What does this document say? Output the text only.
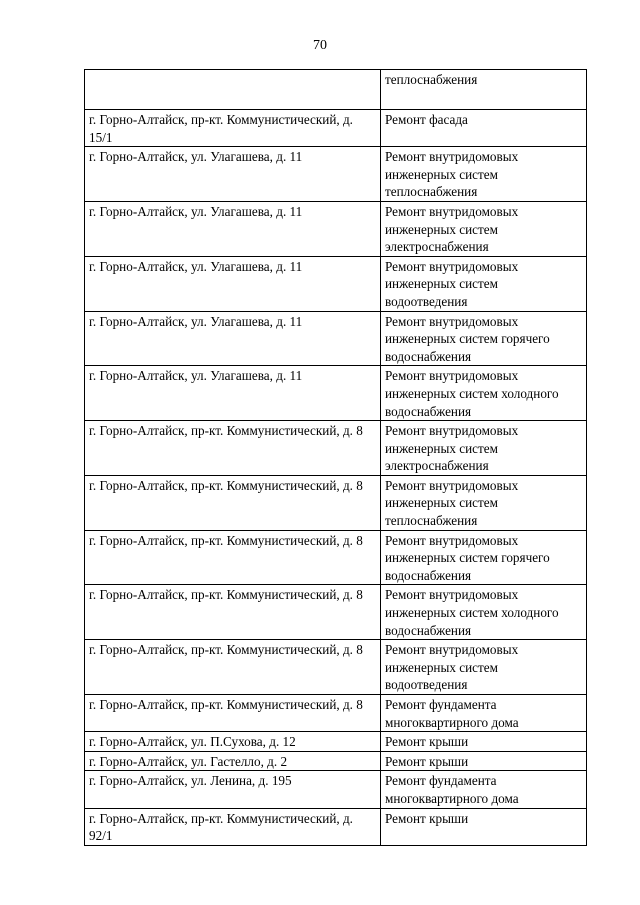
70
	теплоснабжения
г. Горно-Алтайск, пр-кт. Коммунистический, д. 15/1	Ремонт фасада
г. Горно-Алтайск, ул. Улагашева, д. 11	Ремонт внутридомовых инженерных систем теплоснабжения
г. Горно-Алтайск, ул. Улагашева, д. 11	Ремонт внутридомовых инженерных систем электроснабжения
г. Горно-Алтайск, ул. Улагашева, д. 11	Ремонт внутридомовых инженерных систем водоотведения
г. Горно-Алтайск, ул. Улагашева, д. 11	Ремонт внутридомовых инженерных систем горячего водоснабжения
г. Горно-Алтайск, ул. Улагашева, д. 11	Ремонт внутридомовых инженерных систем холодного водоснабжения
г. Горно-Алтайск, пр-кт. Коммунистический, д. 8	Ремонт внутридомовых инженерных систем электроснабжения
г. Горно-Алтайск, пр-кт. Коммунистический, д. 8	Ремонт внутридомовых инженерных систем теплоснабжения
г. Горно-Алтайск, пр-кт. Коммунистический, д. 8	Ремонт внутридомовых инженерных систем горячего водоснабжения
г. Горно-Алтайск, пр-кт. Коммунистический, д. 8	Ремонт внутридомовых инженерных систем холодного водоснабжения
г. Горно-Алтайск, пр-кт. Коммунистический, д. 8	Ремонт внутридомовых инженерных систем водоотведения
г. Горно-Алтайск, пр-кт. Коммунистический, д. 8	Ремонт фундамента многоквартирного дома
г. Горно-Алтайск, ул. П.Сухова, д. 12	Ремонт крыши
г. Горно-Алтайск, ул. Гастелло, д. 2	Ремонт крыши
г. Горно-Алтайск, ул. Ленина, д. 195	Ремонт фундамента многоквартирного дома
г. Горно-Алтайск, пр-кт. Коммунистический, д. 92/1	Ремонт крыши
